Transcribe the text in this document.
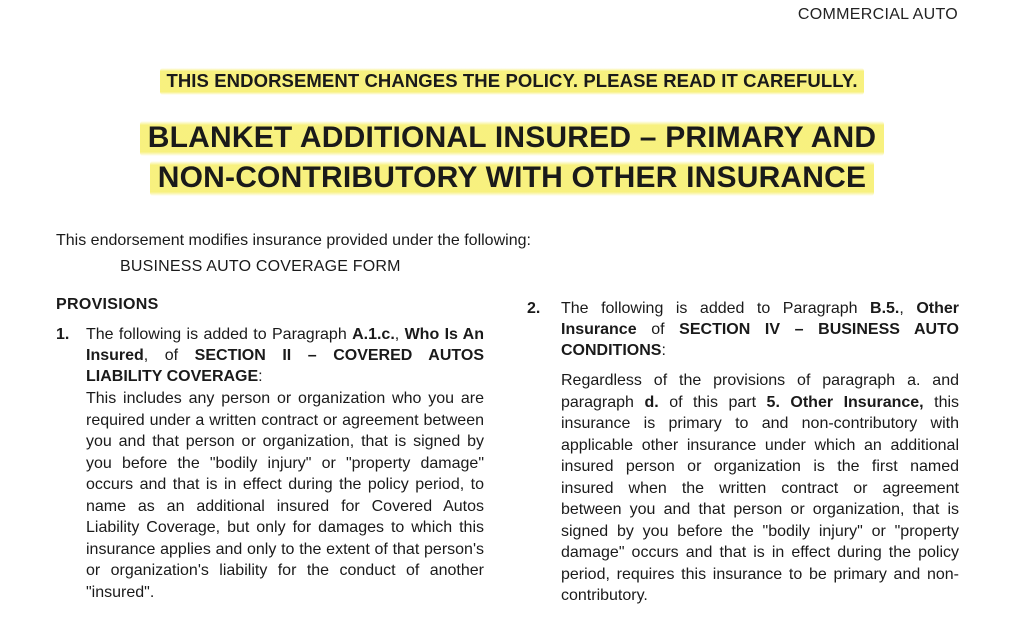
COMMERCIAL AUTO
THIS ENDORSEMENT CHANGES THE POLICY. PLEASE READ IT CAREFULLY.
BLANKET ADDITIONAL INSURED – PRIMARY AND
NON-CONTRIBUTORY WITH OTHER INSURANCE
This endorsement modifies insurance provided under the following:
BUSINESS AUTO COVERAGE FORM
PROVISIONS
1. The following is added to Paragraph A.1.c., Who Is An Insured, of SECTION II – COVERED AUTOS LIABILITY COVERAGE:
This includes any person or organization who you are required under a written contract or agreement between you and that person or organization, that is signed by you before the "bodily injury" or "property damage" occurs and that is in effect during the policy period, to name as an additional insured for Covered Autos Liability Coverage, but only for damages to which this insurance applies and only to the extent of that person's or organization's liability for the conduct of another "insured".
2. The following is added to Paragraph B.5., Other Insurance of SECTION IV – BUSINESS AUTO CONDITIONS:
Regardless of the provisions of paragraph a. and paragraph d. of this part 5. Other Insurance, this insurance is primary to and non-contributory with applicable other insurance under which an additional insured person or organization is the first named insured when the written contract or agreement between you and that person or organization, that is signed by you before the "bodily injury" or "property damage" occurs and that is in effect during the policy period, requires this insurance to be primary and non-contributory.
